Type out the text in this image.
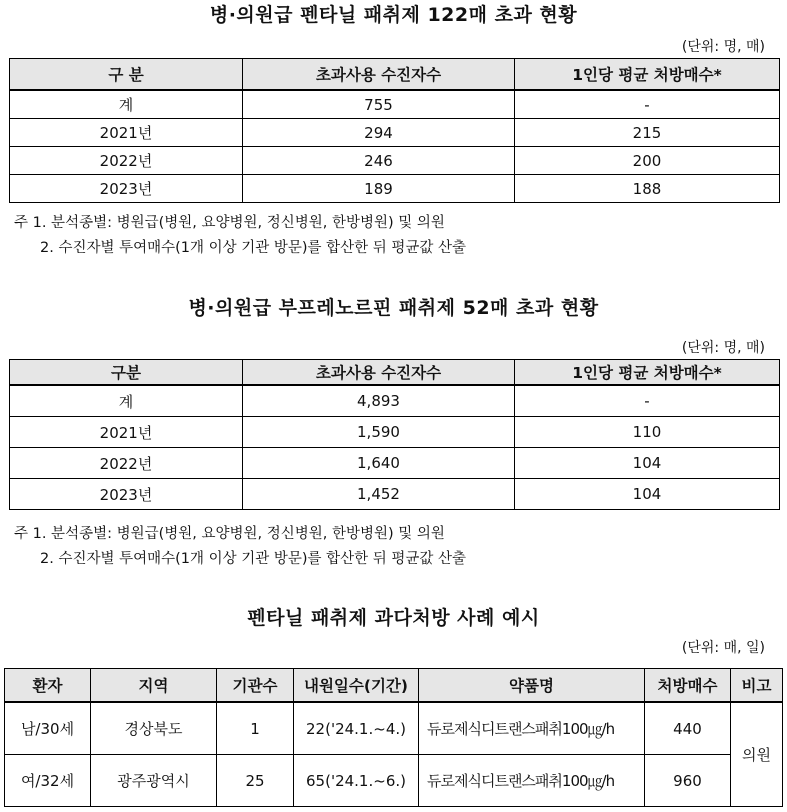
병·의원급 펜타닐 패취제 122매 초과 현황
(단위: 명, 매)
구 분	초과사용 수진자수	1인당 평균 처방매수*
계	755	-
2021년	294	215
2022년	246	200
2023년	189	188
주 1. 분석종별: 병원급(병원, 요양병원, 정신병원, 한방병원) 및 의원
2. 수진자별 투여매수(1개 이상 기관 방문)를 합산한 뒤 평균값 산출
병·의원급 부프레노르핀 패취제 52매 초과 현황
(단위: 명, 매)
구분	초과사용 수진자수	1인당 평균 처방매수*
계	4,893	-
2021년	1,590	110
2022년	1,640	104
2023년	1,452	104
주 1. 분석종별: 병원급(병원, 요양병원, 정신병원, 한방병원) 및 의원
2. 수진자별 투여매수(1개 이상 기관 방문)를 합산한 뒤 평균값 산출
펜타닐 패취제 과다처방 사례 예시
(단위: 매, 일)
환자	지역	기관수	내원일수(기간)	약품명	처방매수	비고
남/30세	경상북도	1	22('24.1.~4.)	듀로제식디트랜스패취100㎍/h	440	의원
여/32세	광주광역시	25	65('24.1.~6.)	듀로제식디트랜스패취100㎍/h	960	
